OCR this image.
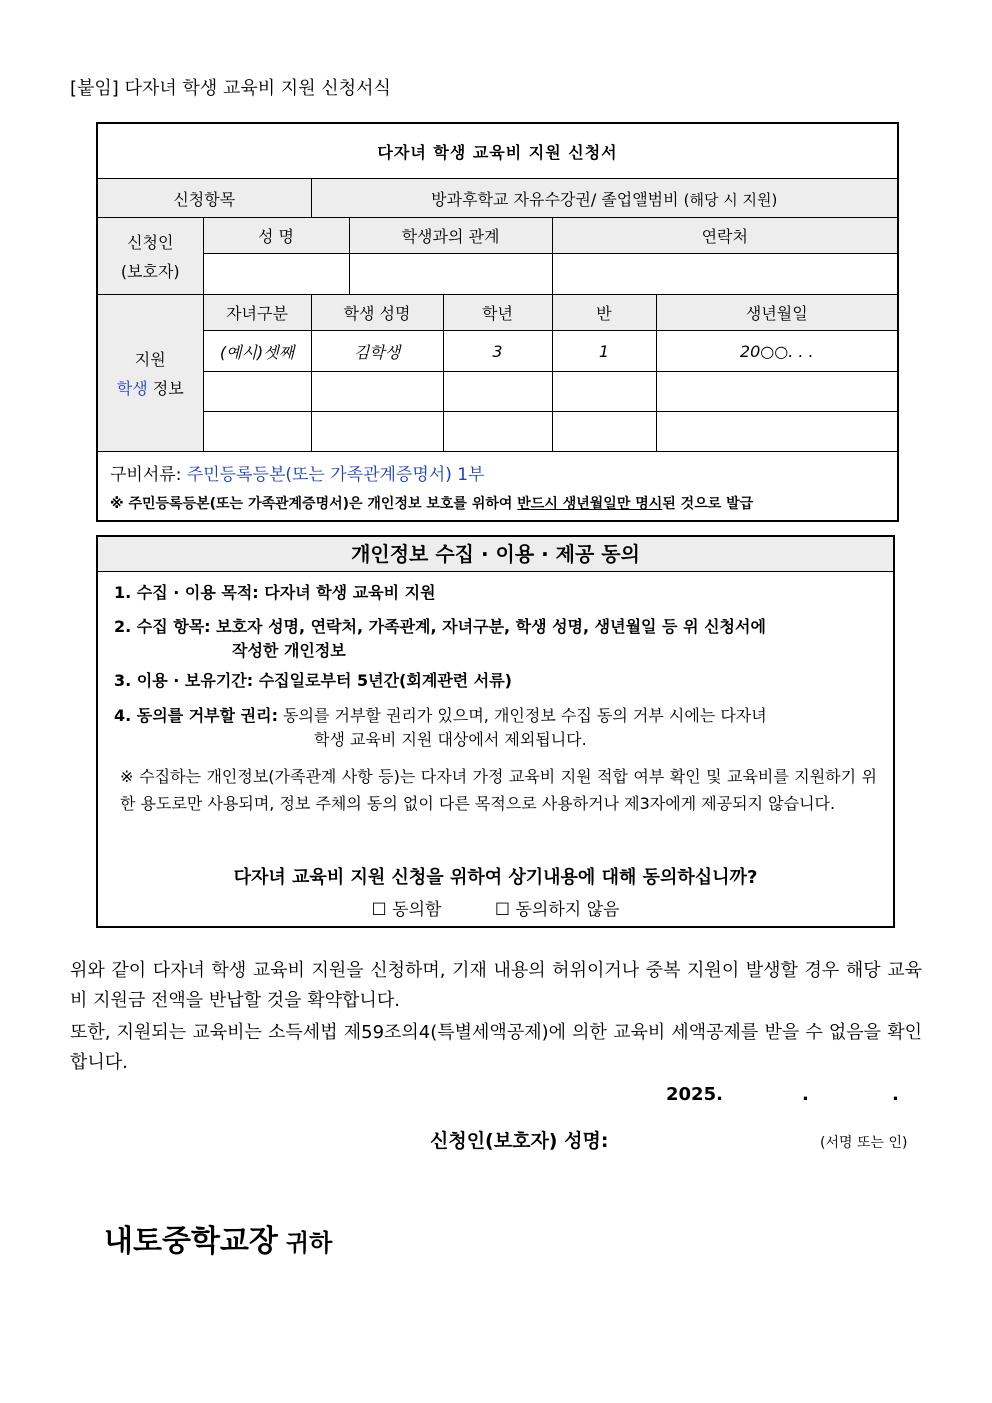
[붙임] 다자녀 학생 교육비 지원 신청서식
다자녀 학생 교육비 지원 신청서						
신청항목		방과후학교 자유수강권/ 졸업앨범비 (해당 시 지원)				

신청인
(보호자)	성 명		학생과의 관계		연락처	

지원
학생 정보	자녀구분	학생 성명		학년	반	생년월일
	(예시)셋째	김학생		3	1	20○○. . .

구비서류: 주민등록등본(또는 가족관계증명서) 1부
※ 주민등록등본(또는 가족관계증명서)은 개인정보 보호를 위하여 반드시 생년월일만 명시된 것으로 발급						
개인정보 수집 · 이용 · 제공 동의
1. 수집 · 이용 목적: 다자녀 학생 교육비 지원
2. 수집 항목: 보호자 성명, 연락처, 가족관계, 자녀구분, 학생 성명, 생년월일 등 위 신청서에
작성한 개인정보
3. 이용 · 보유기간: 수집일로부터 5년간(회계관련 서류)
4. 동의를 거부할 권리: 동의를 거부할 권리가 있으며, 개인정보 수집 동의 거부 시에는 다자녀
학생 교육비 지원 대상에서 제외됩니다.
※ 수집하는 개인정보(가족관계 사항 등)는 다자녀 가정 교육비 지원 적합 여부 확인 및 교육비를 지원하기 위한 용도로만 사용되며, 정보 주체의 동의 없이 다른 목적으로 사용하거나 제3자에게 제공되지 않습니다.
다자녀 교육비 지원 신청을 위하여 상기내용에 대해 동의하십니까?
☐ 동의함	☐ 동의하지 않음
위와 같이 다자녀 학생 교육비 지원을 신청하며, 기재 내용의 허위이거나 중복 지원이 발생할 경우 해당 교육비 지원금 전액을 반납할 것을 확약합니다.
또한, 지원되는 교육비는 소득세법 제59조의4(특별세액공제)에 의한 교육비 세액공제를 받을 수 없음을 확인합니다.
2025.	.	.
신청인(보호자) 성명:	(서명 또는 인)
내토중학교장 귀하
